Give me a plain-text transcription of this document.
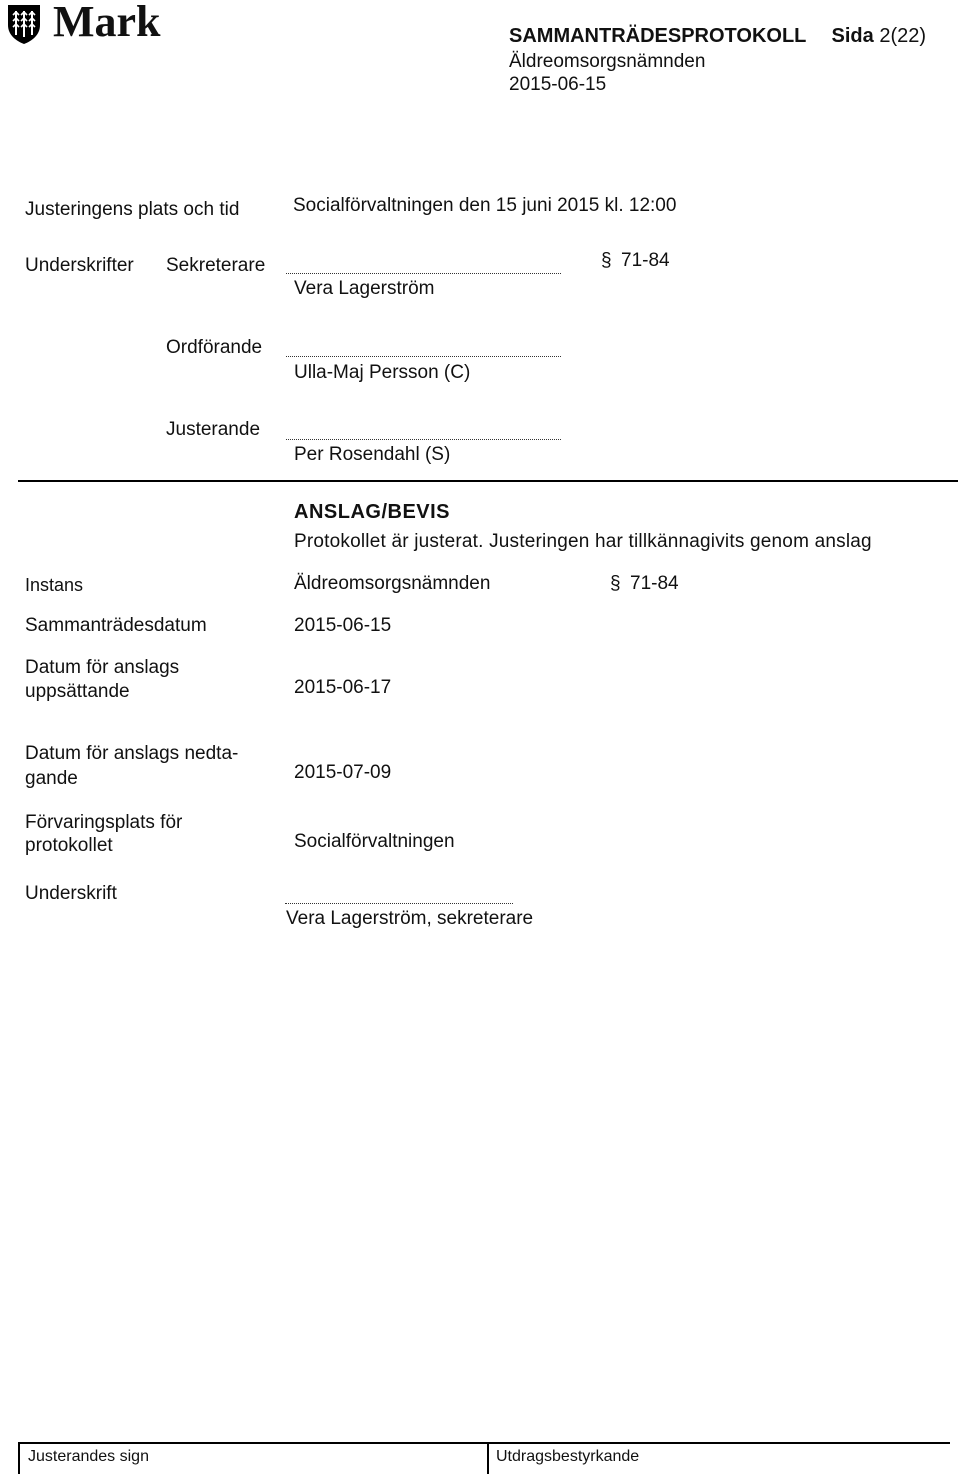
Mark	SAMMANTRÄDESPROTOKOLL Sida 2(22)
Äldreomsorgsnämnden
2015-06-15
Justeringens plats och tid	Socialförvaltningen den 15 juni 2015 kl. 12:00
Underskrifter Sekreterare
Vera Lagerström
§ 71-84
Ordförande
Ulla-Maj Persson (C)
Justerande
Per Rosendahl (S)
ANSLAG/BEVIS
Protokollet är justerat. Justeringen har tillkännagivits genom anslag
Instans	Äldreomsorgsnämnden	§ 71-84
Sammanträdesdatum	2015-06-15
Datum för anslags
uppsättande	2015-06-17
Datum för anslags nedta-
gande	2015-07-09
Förvaringsplats för
protokollet	Socialförvaltningen
Underskrift
Vera Lagerström, sekreterare
Justerandes sign	Utdragsbestyrkande
